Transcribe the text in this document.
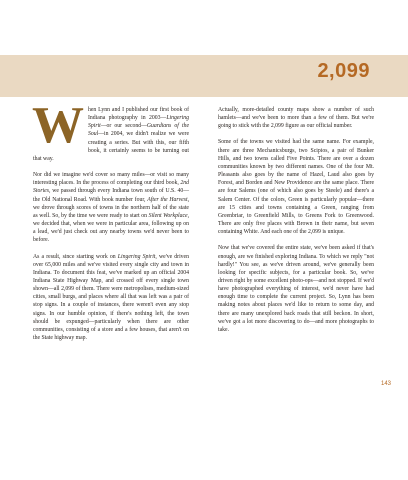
2,099

When Lynn and I published our first book of Indiana photography in 2003—Lingering Spirit—or our second—Guardians of the Soul—in 2004, we didn't realize we were creating a series. But with this, our fifth book, it certainly seems to be turning out that way.

Nor did we imagine we'd cover so many miles—or visit so many interesting places. In the process of completing our third book, 2nd Stories, we passed through every Indiana town south of U.S. 40—the Old National Road. With book number four, After the Harvest, we drove through scores of towns in the northern half of the state as well. So, by the time we were ready to start on Silent Workplace, we decided that, when we were in particular area, following up on a lead, we'd just check out any nearby towns we'd never been to before.

As a result, since starting work on Lingering Spirit, we've driven over 65,000 miles and we've visited every single city and town in Indiana. To document this feat, we've marked up an official 2004 Indiana State Highway Map, and crossed off every single town shown—all 2,099 of them. There were metropolises, medium-sized cities, small burgs, and places where all that was left was a pair of stop signs. In a couple of instances, there weren't even any stop signs. In our humble opinion, if there's nothing left, the town should be expunged—particularly when there are other communities, consisting of a store and a few houses, that aren't on the State highway map.

Actually, more-detailed county maps show a number of such hamlets—and we've been to more than a few of them. But we're going to stick with the 2,099 figure as our official number.

Some of the towns we visited had the same name. For example, there are three Mechanicsburgs, two Scipios, a pair of Bunker Hills, and two towns called Five Points. There are over a dozen communities known by two different names. One of the four Mt. Pleasants also goes by the name of Hazel, Laud also goes by Forest, and Borden and New Providence are the same place. There are four Salems (one of which also goes by Steele) and there's a Salem Center. Of the colors, Green is particularly popular—there are 15 cities and towns containing a Green, ranging from Greenbriar, to Greenfield Mills, to Greens Fork to Greenwood. There are only five places with Brown in their name, but seven containing White. And each one of the 2,099 is unique.

Now that we've covered the entire state, we've been asked if that's enough, are we finished exploring Indiana. To which we reply "not hardly!" You see, as we've driven around, we've generally been looking for specific subjects, for a particular book. So, we've driven right by some excellent photo-ops—and not stopped. If we'd have photographed everything of interest, we'd never have had enough time to complete the current project. So, Lynn has been making notes about places we'd like to return to some day, and there are many unexplored back roads that still beckon. In short, we've got a lot more discovering to do—and more photographs to take.

143
